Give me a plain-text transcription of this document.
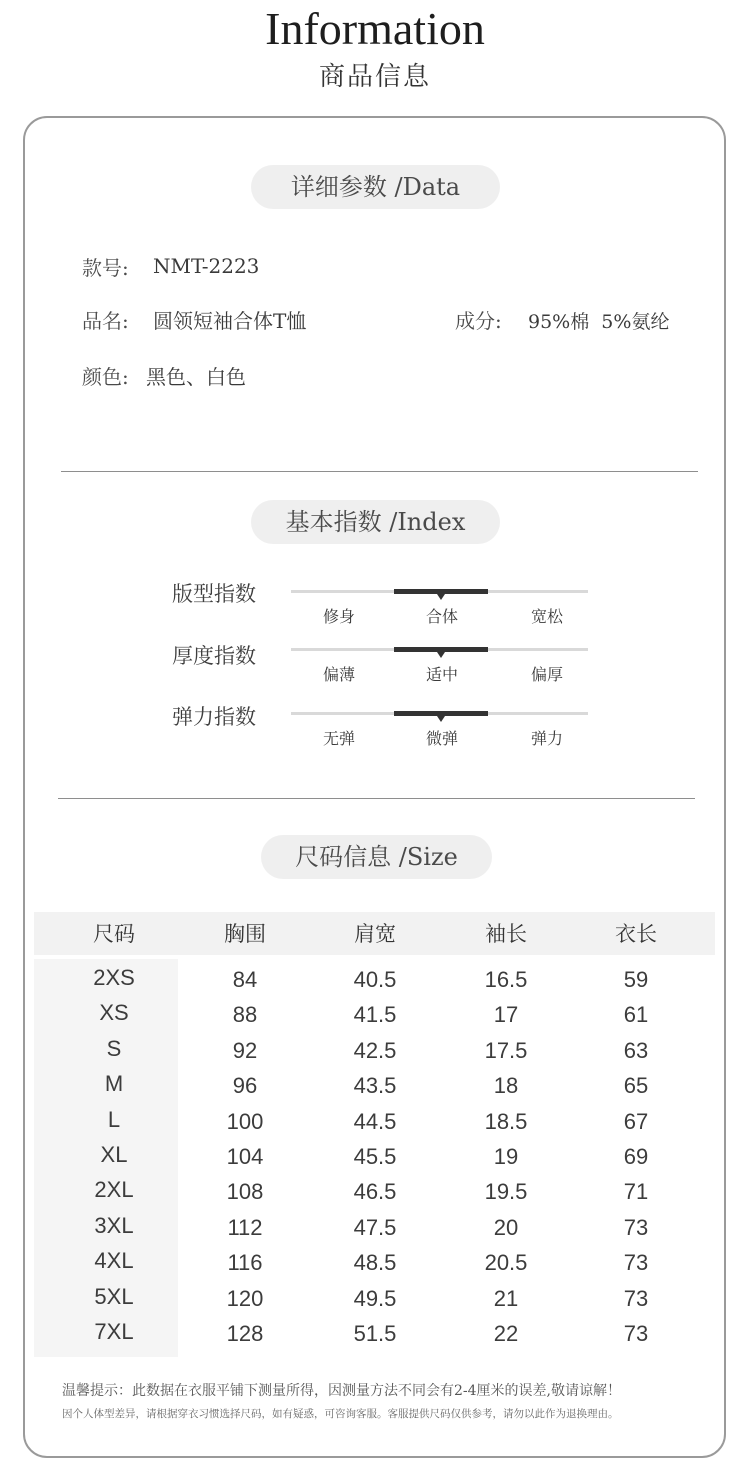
Information
商品信息
详细参数 /Data
款号: NMT-2223
品名: 圆领短袖合体T恤	成分: 95%棉  5%氨纶
颜色: 黑色、白色
基本指数 /Index
版型指数
修身	合体	宽松
厚度指数
偏薄	适中	偏厚
弹力指数
无弹	微弹	弹力
尺码信息 /Size
尺码	胸围	肩宽	袖长	衣长
2XS	84	40.5	16.5	59
XS	88	41.5	17	61
S	92	42.5	17.5	63
M	96	43.5	18	65
L	100	44.5	18.5	67
XL	104	45.5	19	69
2XL	108	46.5	19.5	71
3XL	112	47.5	20	73
4XL	116	48.5	20.5	73
5XL	120	49.5	21	73
7XL	128	51.5	22	73
温馨提示：此数据在衣服平铺下测量所得，因测量方法不同会有2-4厘米的误差,敬请谅解！
因个人体型差异，请根据穿衣习惯选择尺码，如有疑惑，可咨询客服。客服提供尺码仅供参考，请勿以此作为退换理由。
